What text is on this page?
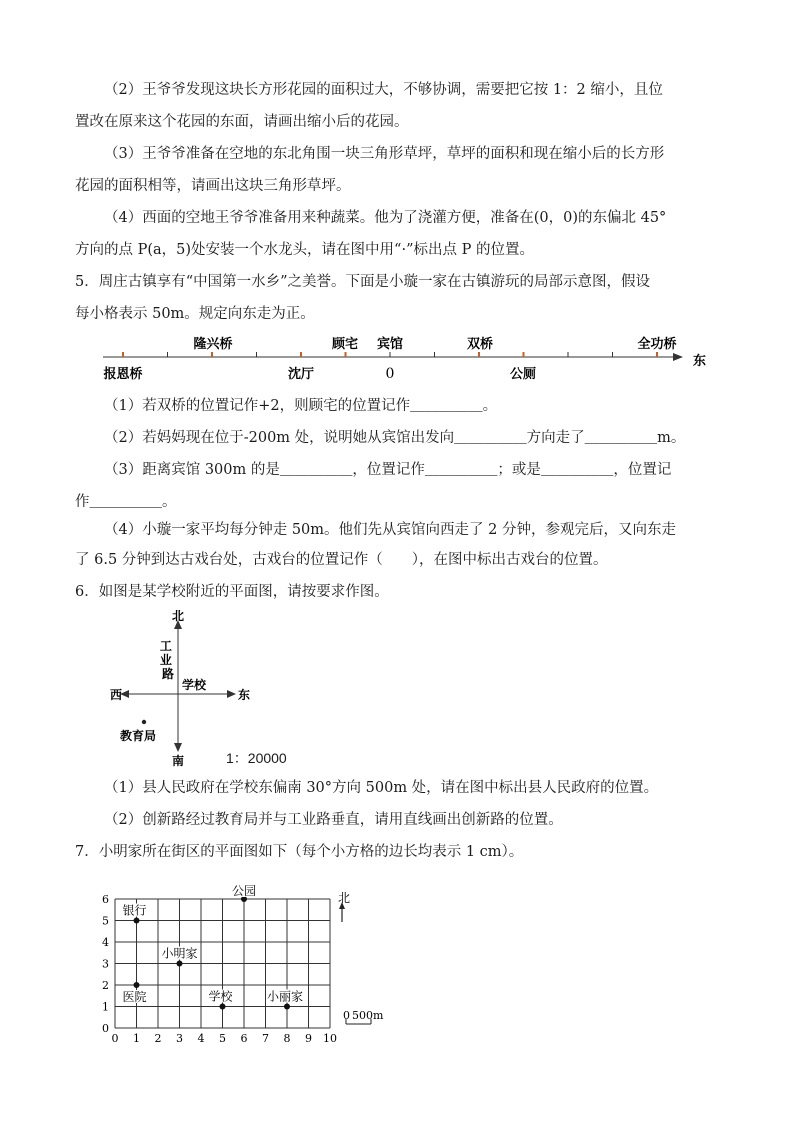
（2）王爷爷发现这块长方形花园的面积过大，不够协调，需要把它按 1：2 缩小，且位
置改在原来这个花园的东面，请画出缩小后的花园。
（3）王爷爷准备在空地的东北角围一块三角形草坪，草坪的面积和现在缩小后的长方形
花园的面积相等，请画出这块三角形草坪。
（4）西面的空地王爷爷准备用来种蔬菜。他为了浇灌方便，准备在(0，0)的东偏北 45°
方向的点 P(a，5)处安装一个水龙头，请在图中用“·”标出点 P 的位置。
5．周庄古镇享有“中国第一水乡”之美誉。下面是小璇一家在古镇游玩的局部示意图，假设
每小格表示 50m。规定向东走为正。
隆兴桥	顾宅 宾馆	双桥	全功桥
报恩桥	沈厅	0	公厕
东
（1）若双桥的位置记作+2，则顾宅的位置记作＿＿＿＿＿。
（2）若妈妈现在位于-200m 处，说明她从宾馆出发向＿＿＿＿＿方向走了＿＿＿＿＿m。
（3）距离宾馆 300m 的是＿＿＿＿＿，位置记作＿＿＿＿＿；或是＿＿＿＿＿，位置记
作＿＿＿＿＿。
（4）小璇一家平均每分钟走 50m。他们先从宾馆向西走了 2 分钟，参观完后，又向东走
了 6.5 分钟到达古戏台处，古戏台的位置记作（　　），在图中标出古戏台的位置。
6．如图是某学校附近的平面图，请按要求作图。
北
南
西	东
工 业 路
学校
教育局
1：20000
（1）县人民政府在学校东偏南 30°方向 500m 处，请在图中标出县人民政府的位置。
（2）创新路经过教育局并与工业路垂直，请用直线画出创新路的位置。
7．小明家所在街区的平面图如下（每个小方格的边长均表示 1 cm）。
0 1 2 3 4 5 6 7 8 9 10
0
1
2
3
4
5
6
银行
公园
小明家
医院	学校	小丽家
北
0 500m
